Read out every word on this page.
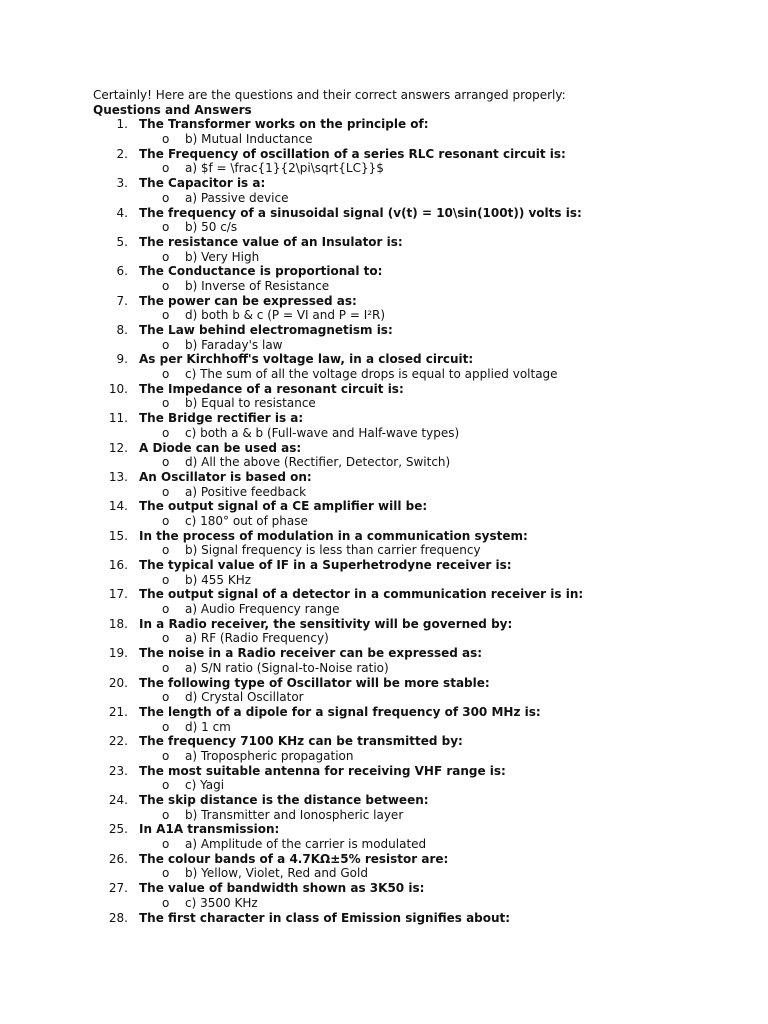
Certainly! Here are the questions and their correct answers arranged properly:
Questions and Answers
1. The Transformer works on the principle of:
o b) Mutual Inductance
2. The Frequency of oscillation of a series RLC resonant circuit is:
o a) $f = \frac{1}{2\pi\sqrt{LC}}$
3. The Capacitor is a:
o a) Passive device
4. The frequency of a sinusoidal signal (v(t) = 10\sin(100t)) volts is:
o b) 50 c/s
5. The resistance value of an Insulator is:
o b) Very High
6. The Conductance is proportional to:
o b) Inverse of Resistance
7. The power can be expressed as:
o d) both b & c (P = VI and P = I²R)
8. The Law behind electromagnetism is:
o b) Faraday's law
9. As per Kirchhoff's voltage law, in a closed circuit:
o c) The sum of all the voltage drops is equal to applied voltage
10. The Impedance of a resonant circuit is:
o b) Equal to resistance
11. The Bridge rectifier is a:
o c) both a & b (Full-wave and Half-wave types)
12. A Diode can be used as:
o d) All the above (Rectifier, Detector, Switch)
13. An Oscillator is based on:
o a) Positive feedback
14. The output signal of a CE amplifier will be:
o c) 180° out of phase
15. In the process of modulation in a communication system:
o b) Signal frequency is less than carrier frequency
16. The typical value of IF in a Superhetrodyne receiver is:
o b) 455 KHz
17. The output signal of a detector in a communication receiver is in:
o a) Audio Frequency range
18. In a Radio receiver, the sensitivity will be governed by:
o a) RF (Radio Frequency)
19. The noise in a Radio receiver can be expressed as:
o a) S/N ratio (Signal-to-Noise ratio)
20. The following type of Oscillator will be more stable:
o d) Crystal Oscillator
21. The length of a dipole for a signal frequency of 300 MHz is:
o d) 1 cm
22. The frequency 7100 KHz can be transmitted by:
o a) Tropospheric propagation
23. The most suitable antenna for receiving VHF range is:
o c) Yagi
24. The skip distance is the distance between:
o b) Transmitter and Ionospheric layer
25. In A1A transmission:
o a) Amplitude of the carrier is modulated
26. The colour bands of a 4.7KΩ±5% resistor are:
o b) Yellow, Violet, Red and Gold
27. The value of bandwidth shown as 3K50 is:
o c) 3500 KHz
28. The first character in class of Emission signifies about:
